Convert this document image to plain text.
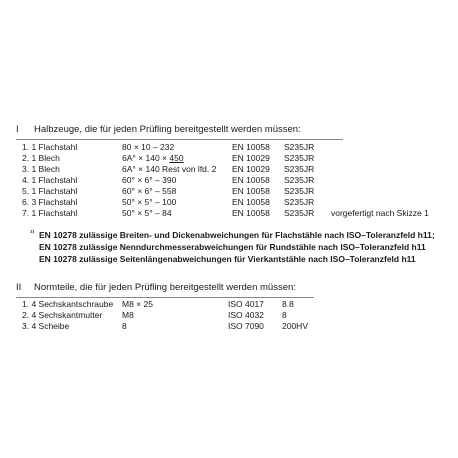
I Halbzeuge, die für jeden Prüfling bereitgestellt werden müssen:
1. 1 Flachstahl	80 × 10 – 232	EN 10058 S235JR
2. 1 Blech	6A° × 140 × 450	EN 10029 S235JR
3. 1 Blech	6A° × 140 Rest von lfd. 2 EN 10029 S235JR
4. 1 Flachstahl	60° × 6° – 390	EN 10058 S235JR
5. 1 Flachstahl	60° × 6° – 558	EN 10058 S235JR
6. 3 Flachstahl	50° × 5° – 100	EN 10058 S235JR
7. 1 Flachstahl	50° × 5° – 84	EN 10058 S235JR vorgefertigt nach Skizze 1
¹⁾ EN 10278 zulässige Breiten- und Dickenabweichungen für Flachstähle nach ISO–Toleranzfeld h11;
EN 10278 zulässige Nenndurchmesserabweichungen für Rundstähle nach ISO–Toleranzfeld h11
EN 10278 zulässige Seitenlängenabweichungen für Vierkantstähle nach ISO–Toleranzfeld h11
II Normteile, die für jeden Prüfling bereitgestellt werden müssen:
1. 4 Sechskantschraube M8 × 25	ISO 4017 8.8
2. 4 Sechskantmutter M8	ISO 4032 8
3. 4 Scheibe	8	ISO 7090 200HV
